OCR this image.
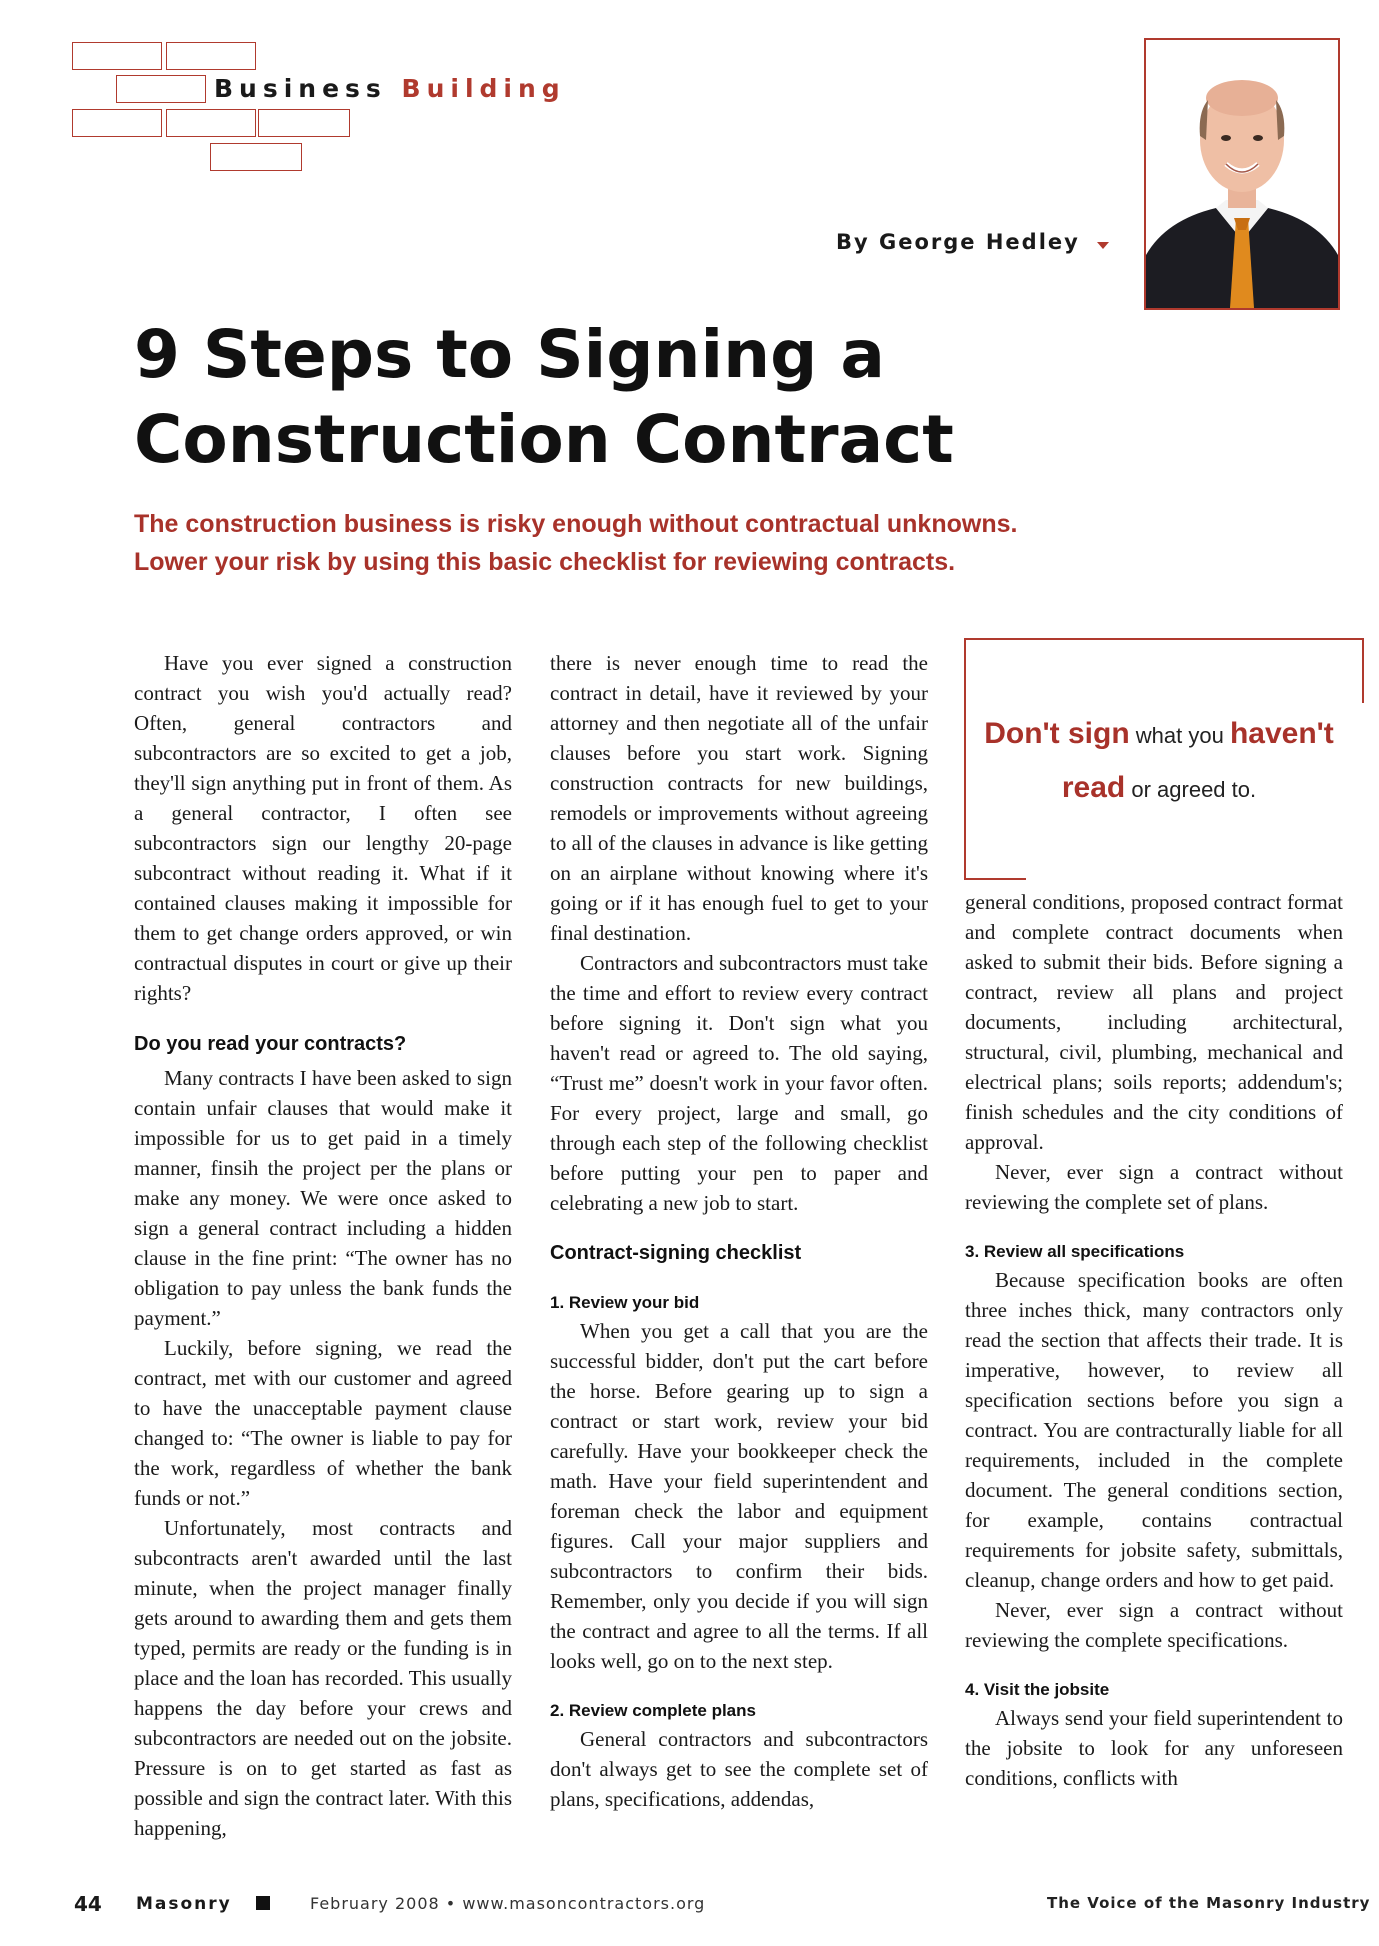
Business Building
By George Hedley
9 Steps to Signing a
Construction Contract
The construction business is risky enough without contractual unknowns.
Lower your risk by using this basic checklist for reviewing contracts.

Have you ever signed a construction contract you wish you'd actually read? Often, general contractors and subcontractors are so excited to get a job, they'll sign anything put in front of them. As a general contractor, I often see subcontractors sign our lengthy 20-page subcontract without reading it. What if it contained clauses making it impossible for them to get change orders approved, or win contractual disputes in court or give up their rights?

Do you read your contracts?

Many contracts I have been asked to sign contain unfair clauses that would make it impossible for us to get paid in a timely manner, finsih the project per the plans or make any money. We were once asked to sign a general contract including a hidden clause in the fine print: “The owner has no obligation to pay unless the bank funds the payment.”

Luckily, before signing, we read the contract, met with our customer and agreed to have the unacceptable payment clause changed to: “The owner is liable to pay for the work, regardless of whether the bank funds or not.”

Unfortunately, most contracts and subcontracts aren't awarded until the last minute, when the project manager finally gets around to awarding them and gets them typed, permits are ready or the funding is in place and the loan has recorded. This usually happens the day before your crews and subcontractors are needed out on the jobsite. Pressure is on to get started as fast as possible and sign the contract later. With this happening,

there is never enough time to read the contract in detail, have it reviewed by your attorney and then negotiate all of the unfair clauses before you start work. Signing construction contracts for new buildings, remodels or improvements without agreeing to all of the clauses in advance is like getting on an airplane without knowing where it's going or if it has enough fuel to get to your final destination.

Contractors and subcontractors must take the time and effort to review every contract before signing it. Don't sign what you haven't read or agreed to. The old saying, “Trust me” doesn't work in your favor often. For every project, large and small, go through each step of the following checklist before putting your pen to paper and celebrating a new job to start.

Contract-signing checklist
1. Review your bid

When you get a call that you are the successful bidder, don't put the cart before the horse. Before gearing up to sign a contract or start work, review your bid carefully. Have your bookkeeper check the math. Have your field superintendent and foreman check the labor and equipment figures. Call your major suppliers and subcontractors to confirm their bids. Remember, only you decide if you will sign the contract and agree to all the terms. If all looks well, go on to the next step.

2. Review complete plans

General contractors and subcontractors don't always get to see the complete set of plans, specifications, addendas,

Don't sign what you haven't
read or agreed to.

general conditions, proposed contract format and complete contract documents when asked to submit their bids. Before signing a contract, review all plans and project documents, including architectural, structural, civil, plumbing, mechanical and electrical plans; soils reports; addendum's; finish schedules and the city conditions of approval.

Never, ever sign a contract without reviewing the complete set of plans.

3. Review all specifications

Because specification books are often three inches thick, many contractors only read the section that affects their trade. It is imperative, however, to review all specification sections before you sign a contract. You are contracturally liable for all requirements, included in the complete document. The general conditions section, for example, contains contractual requirements for jobsite safety, submittals, cleanup, change orders and how to get paid.

Never, ever sign a contract without reviewing the complete specifications.

4. Visit the jobsite

Always send your field superintendent to the jobsite to look for any unforeseen conditions, conflicts with

44 Masonry	February 2008 • www.masoncontractors.org	The Voice of the Masonry Industry
